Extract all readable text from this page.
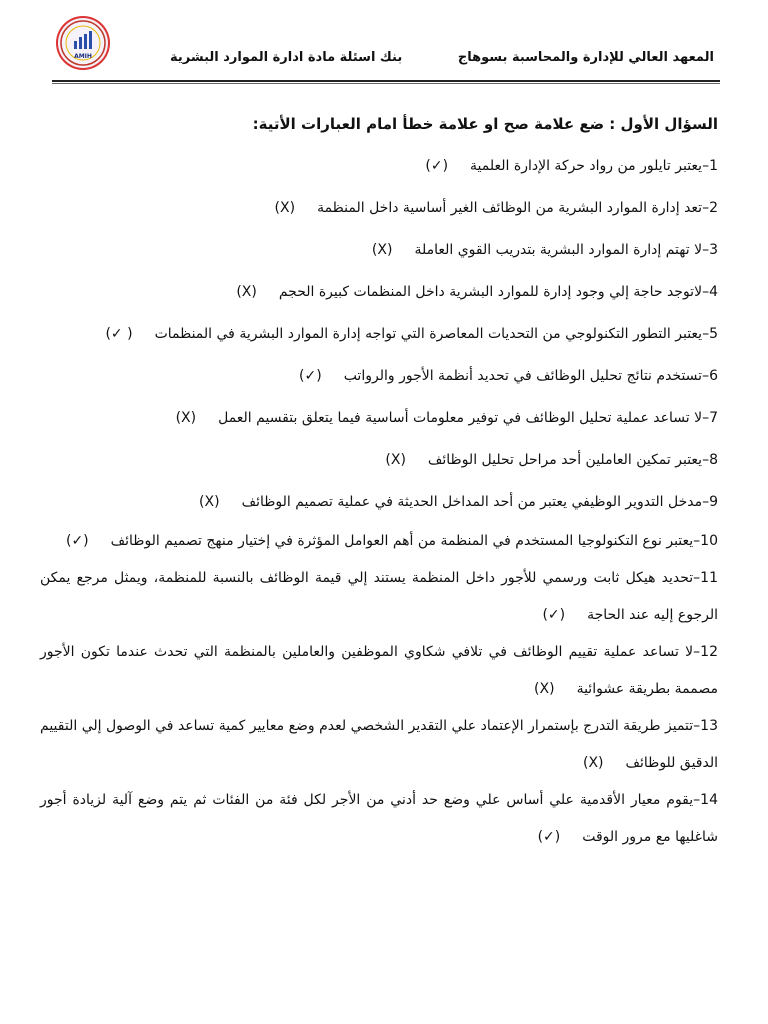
AMIH	بنك اسئلة مادة ادارة الموارد البشرية	المعهد العالي للإدارة والمحاسبة بسوهاج
السؤال الأول : ضع علامة صح او علامة خطأ امام العبارات الأتية:
1–يعتبر تايلور من رواد حركة الإدارة العلمية(✓)
2–تعد إدارة الموارد البشرية من الوظائف الغير أساسية داخل المنظمة(X)
3–لا تهتم إدارة الموارد البشرية بتدريب القوي العاملة(X)
4–لاتوجد حاجة إلي وجود إدارة للموارد البشرية داخل المنظمات كبيرة الحجم(X)
5–يعتبر التطور التكنولوجي من التحديات المعاصرة التي تواجه إدارة الموارد البشرية في المنظمات( ✓)
6–تستخدم نتائج تحليل الوظائف في تحديد أنظمة الأجور والرواتب(✓)
7–لا تساعد عملية تحليل الوظائف في توفير معلومات أساسية فيما يتعلق بتقسيم العمل(X)
8–يعتبر تمكين العاملين أحد مراحل تحليل الوظائف(X)
9–مدخل التدوير الوظيفي يعتبر من أحد المداخل الحديثة في عملية تصميم الوظائف(X)
10–يعتبر نوع التكنولوجيا المستخدم في المنظمة من أهم العوامل المؤثرة في إختيار منهج تصميم الوظائف(✓)
11–تحديد هيكل ثابت ورسمي للأجور داخل المنظمة يستند إلي قيمة الوظائف بالنسبة للمنظمة، ويمثل مرجع يمكن الرجوع إليه عند الحاجة(✓)
12–لا تساعد عملية تقييم الوظائف في تلافي شكاوي الموظفين والعاملين بالمنظمة التي تحدث عندما تكون الأجور مصممة بطريقة عشوائية(X)
13–تتميز طريقة التدرج بإستمرار الإعتماد علي التقدير الشخصي لعدم وضع معايير كمية تساعد في الوصول إلي التقييم الدقيق للوظائف(X)
14–يقوم معيار الأقدمية علي أساس علي وضع حد أدني من الأجر لكل فئة من الفئات ثم يتم وضع آلية لزيادة أجور شاغليها مع مرور الوقت(✓)
